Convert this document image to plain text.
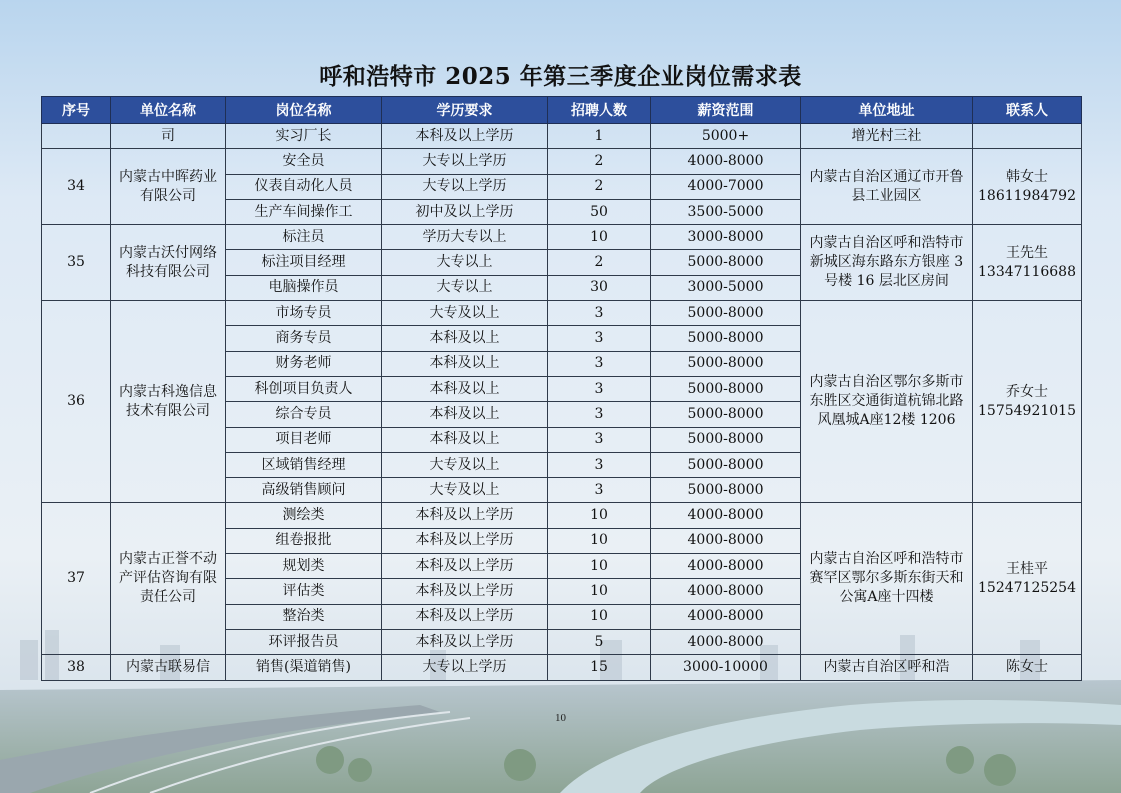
呼和浩特市 2025 年第三季度企业岗位需求表
序号	单位名称	岗位名称	学历要求	招聘人数	薪资范围	单位地址	联系人
	司	实习厂长	本科及以上学历	1	5000+	增光村三社	
34	内蒙古中晖药业有限公司	安全员	大专以上学历	2	4000-8000	内蒙古自治区通辽市开鲁县工业园区	韩女士
18611984792

		仪表自动化人员	大专以上学历	2	4000-7000		
		生产车间操作工	初中及以上学历	50	3500-5000		
35	内蒙古沃付网络科技有限公司	标注员	学历大专以上	10	3000-8000	内蒙古自治区呼和浩特市新城区海东路东方银座 3 号楼 16 层北区房间	王先生
13347116688

		标注项目经理	大专以上	2	5000-8000		
		电脑操作员	大专以上	30	3000-5000		
36	内蒙古科逸信息技术有限公司	市场专员	大专及以上	3	5000-8000	内蒙古自治区鄂尔多斯市东胜区交通街道杭锦北路风凰城A座12楼 1206	乔女士
15754921015

		商务专员	本科及以上	3	5000-8000		
		财务老师	本科及以上	3	5000-8000		
		科创项目负责人	本科及以上	3	5000-8000		
		综合专员	本科及以上	3	5000-8000		
		项目老师	本科及以上	3	5000-8000		
		区域销售经理	大专及以上	3	5000-8000		
		高级销售顾问	大专及以上	3	5000-8000		
37	内蒙古正誉不动产评估咨询有限责任公司	测绘类	本科及以上学历	10	4000-8000	内蒙古自治区呼和浩特市赛罕区鄂尔多斯东街天和公寓A座十四楼	王桂平
15247125254

		组卷报批	本科及以上学历	10	4000-8000		
		规划类	本科及以上学历	10	4000-8000		
		评估类	本科及以上学历	10	4000-8000		
		整治类	本科及以上学历	10	4000-8000		
		环评报告员	本科及以上学历	5	4000-8000		
38	内蒙古联易信	销售(渠道销售)	大专以上学历	15	3000-10000	内蒙古自治区呼和浩	陈女士
10
